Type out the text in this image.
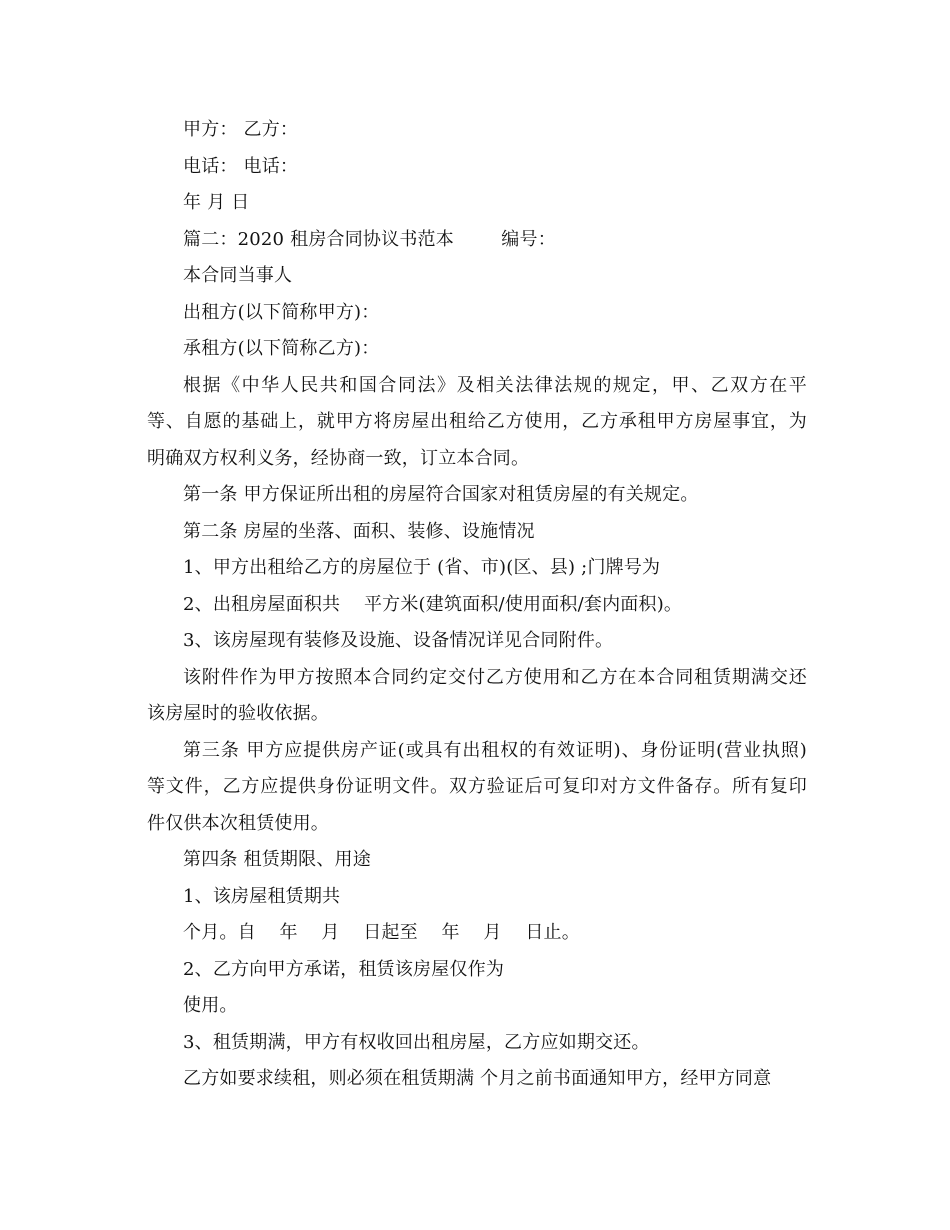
甲方： 乙方：
电话： 电话：
年 月 日
篇二：2020 租房合同协议书范本        编号：
本合同当事人
出租方(以下简称甲方)：
承租方(以下简称乙方)：
根据《中华人民共和国合同法》及相关法律法规的规定，甲、乙双方在平
等、自愿的基础上，就甲方将房屋出租给乙方使用，乙方承租甲方房屋事宜，为
明确双方权利义务，经协商一致，订立本合同。
第一条 甲方保证所出租的房屋符合国家对租赁房屋的有关规定。
第二条 房屋的坐落、面积、装修、设施情况
1、甲方出租给乙方的房屋位于 (省、市)(区、县) ;门牌号为
2、出租房屋面积共    平方米(建筑面积/使用面积/套内面积)。
3、该房屋现有装修及设施、设备情况详见合同附件。
该附件作为甲方按照本合同约定交付乙方使用和乙方在本合同租赁期满交还
该房屋时的验收依据。
第三条 甲方应提供房产证(或具有出租权的有效证明)、身份证明(营业执照)
等文件，乙方应提供身份证明文件。双方验证后可复印对方文件备存。所有复印
件仅供本次租赁使用。
第四条 租赁期限、用途
1、该房屋租赁期共
个月。自    年    月    日起至    年    月    日止。
2、乙方向甲方承诺，租赁该房屋仅作为
使用。
3、租赁期满，甲方有权收回出租房屋，乙方应如期交还。
乙方如要求续租，则必须在租赁期满 个月之前书面通知甲方，经甲方同意
